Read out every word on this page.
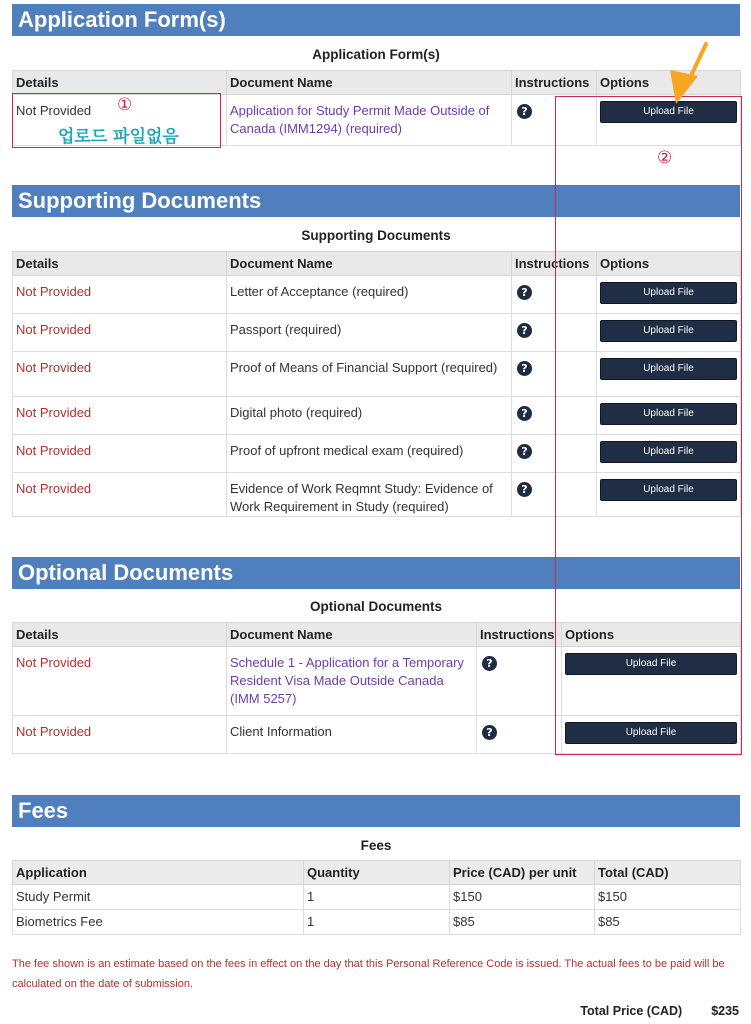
Application Form(s)
Application Form(s)
Details	Document Name	Instructions	Options
Not Provided	Application for Study Permit Made Outside of Canada (IMM1294) (required)	?	Upload File
Supporting Documents
Supporting Documents
Details	Document Name	Instructions	Options
Not Provided	Letter of Acceptance (required)	?	Upload File

Not Provided	Passport (required)	?	Upload File

Not Provided	Proof of Means of Financial Support (required)	?	Upload File

Not Provided	Digital photo (required)	?	Upload File

Not Provided	Proof of upfront medical exam (required)	?	Upload File

Not Provided	Evidence of Work Reqmnt Study: Evidence of Work Requirement in Study (required)	?	Upload File
Optional Documents
Optional Documents
Details	Document Name	Instructions	Options
Not Provided	Schedule 1 - Application for a Temporary Resident Visa Made Outside Canada (IMM 5257)	?	Upload File

Not Provided	Client Information	?	Upload File
Fees
Fees
Application	Quantity	Price (CAD) per unit	Total (CAD)
Study Permit	1	$150	$150
Biometrics Fee	1	$85	$85
The fee shown is an estimate based on the fees in effect on the day that this Personal Reference Code is issued. The actual fees to be paid will be calculated on the date of submission.
Total Price (CAD) $235
①
업로드 파일없음
②
